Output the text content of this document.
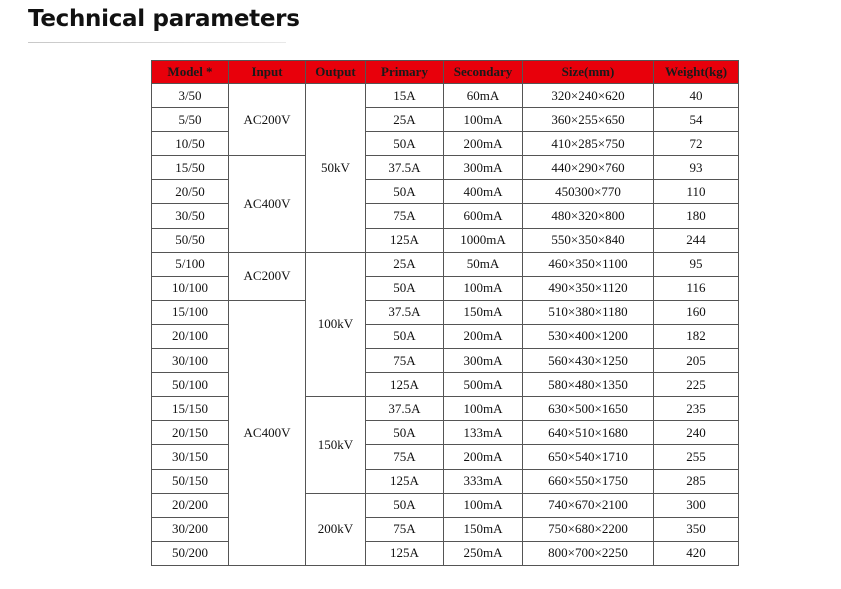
Technical parameters
Model *	Input	Output	Primary	Secondary	Size(mm)	Weight(kg)
3/50	AC200V	50kV	15A	60mA	320×240×620	40
5/50			25A	100mA	360×255×650	54
10/50			50A	200mA	410×285×750	72
15/50	AC400V		37.5A	300mA	440×290×760	93
20/50			50A	400mA	450300×770	110
30/50			75A	600mA	480×320×800	180
50/50			125A	1000mA	550×350×840	244
5/100	AC200V	100kV	25A	50mA	460×350×1100	95
10/100			50A	100mA	490×350×1120	116
15/100	AC400V		37.5A	150mA	510×380×1180	160
20/100			50A	200mA	530×400×1200	182
30/100			75A	300mA	560×430×1250	205
50/100			125A	500mA	580×480×1350	225
15/150		150kV	37.5A	100mA	630×500×1650	235
20/150			50A	133mA	640×510×1680	240
30/150			75A	200mA	650×540×1710	255
50/150			125A	333mA	660×550×1750	285
20/200		200kV	50A	100mA	740×670×2100	300
30/200			75A	150mA	750×680×2200	350
50/200			125A	250mA	800×700×2250	420
